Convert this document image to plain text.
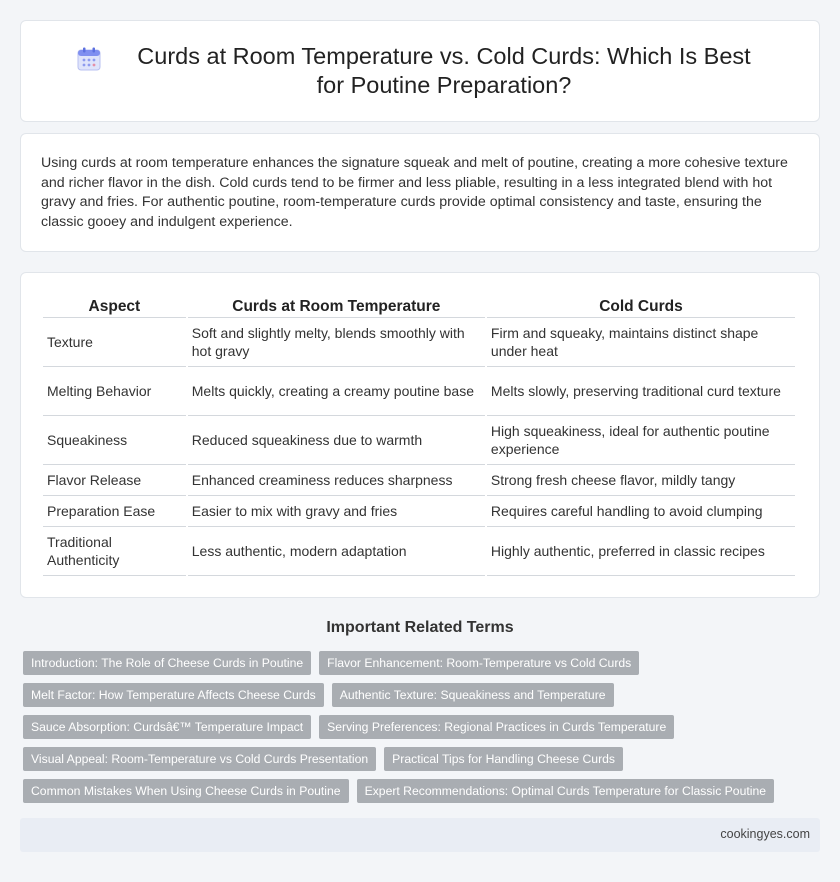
Curds at Room Temperature vs. Cold Curds: Which Is Best for Poutine Preparation?

Using curds at room temperature enhances the signature squeak and melt of poutine, creating a more cohesive texture and richer flavor in the dish. Cold curds tend to be firmer and less pliable, resulting in a less integrated blend with hot gravy and fries. For authentic poutine, room-temperature curds provide optimal consistency and taste, ensuring the classic gooey and indulgent experience.

Aspect	Curds at Room Temperature	Cold Curds
Texture	Soft and slightly melty, blends smoothly with hot gravy	Firm and squeaky, maintains distinct shape under heat
Melting Behavior	Melts quickly, creating a creamy poutine base	Melts slowly, preserving traditional curd texture
Squeakiness	Reduced squeakiness due to warmth	High squeakiness, ideal for authentic poutine experience
Flavor Release	Enhanced creaminess reduces sharpness	Strong fresh cheese flavor, mildly tangy
Preparation Ease	Easier to mix with gravy and fries	Requires careful handling to avoid clumping
Traditional Authenticity	Less authentic, modern adaptation	Highly authentic, preferred in classic recipes
Important Related Terms
Introduction: The Role of Cheese Curds in Poutine	Flavor Enhancement: Room-Temperature vs Cold Curds
Melt Factor: How Temperature Affects Cheese Curds	Authentic Texture: Squeakiness and Temperature
Sauce Absorption: Curdsâ€™ Temperature Impact	Serving Preferences: Regional Practices in Curds Temperature
Visual Appeal: Room-Temperature vs Cold Curds Presentation	Practical Tips for Handling Cheese Curds
Common Mistakes When Using Cheese Curds in Poutine	Expert Recommendations: Optimal Curds Temperature for Classic Poutine
cookingyes.com
